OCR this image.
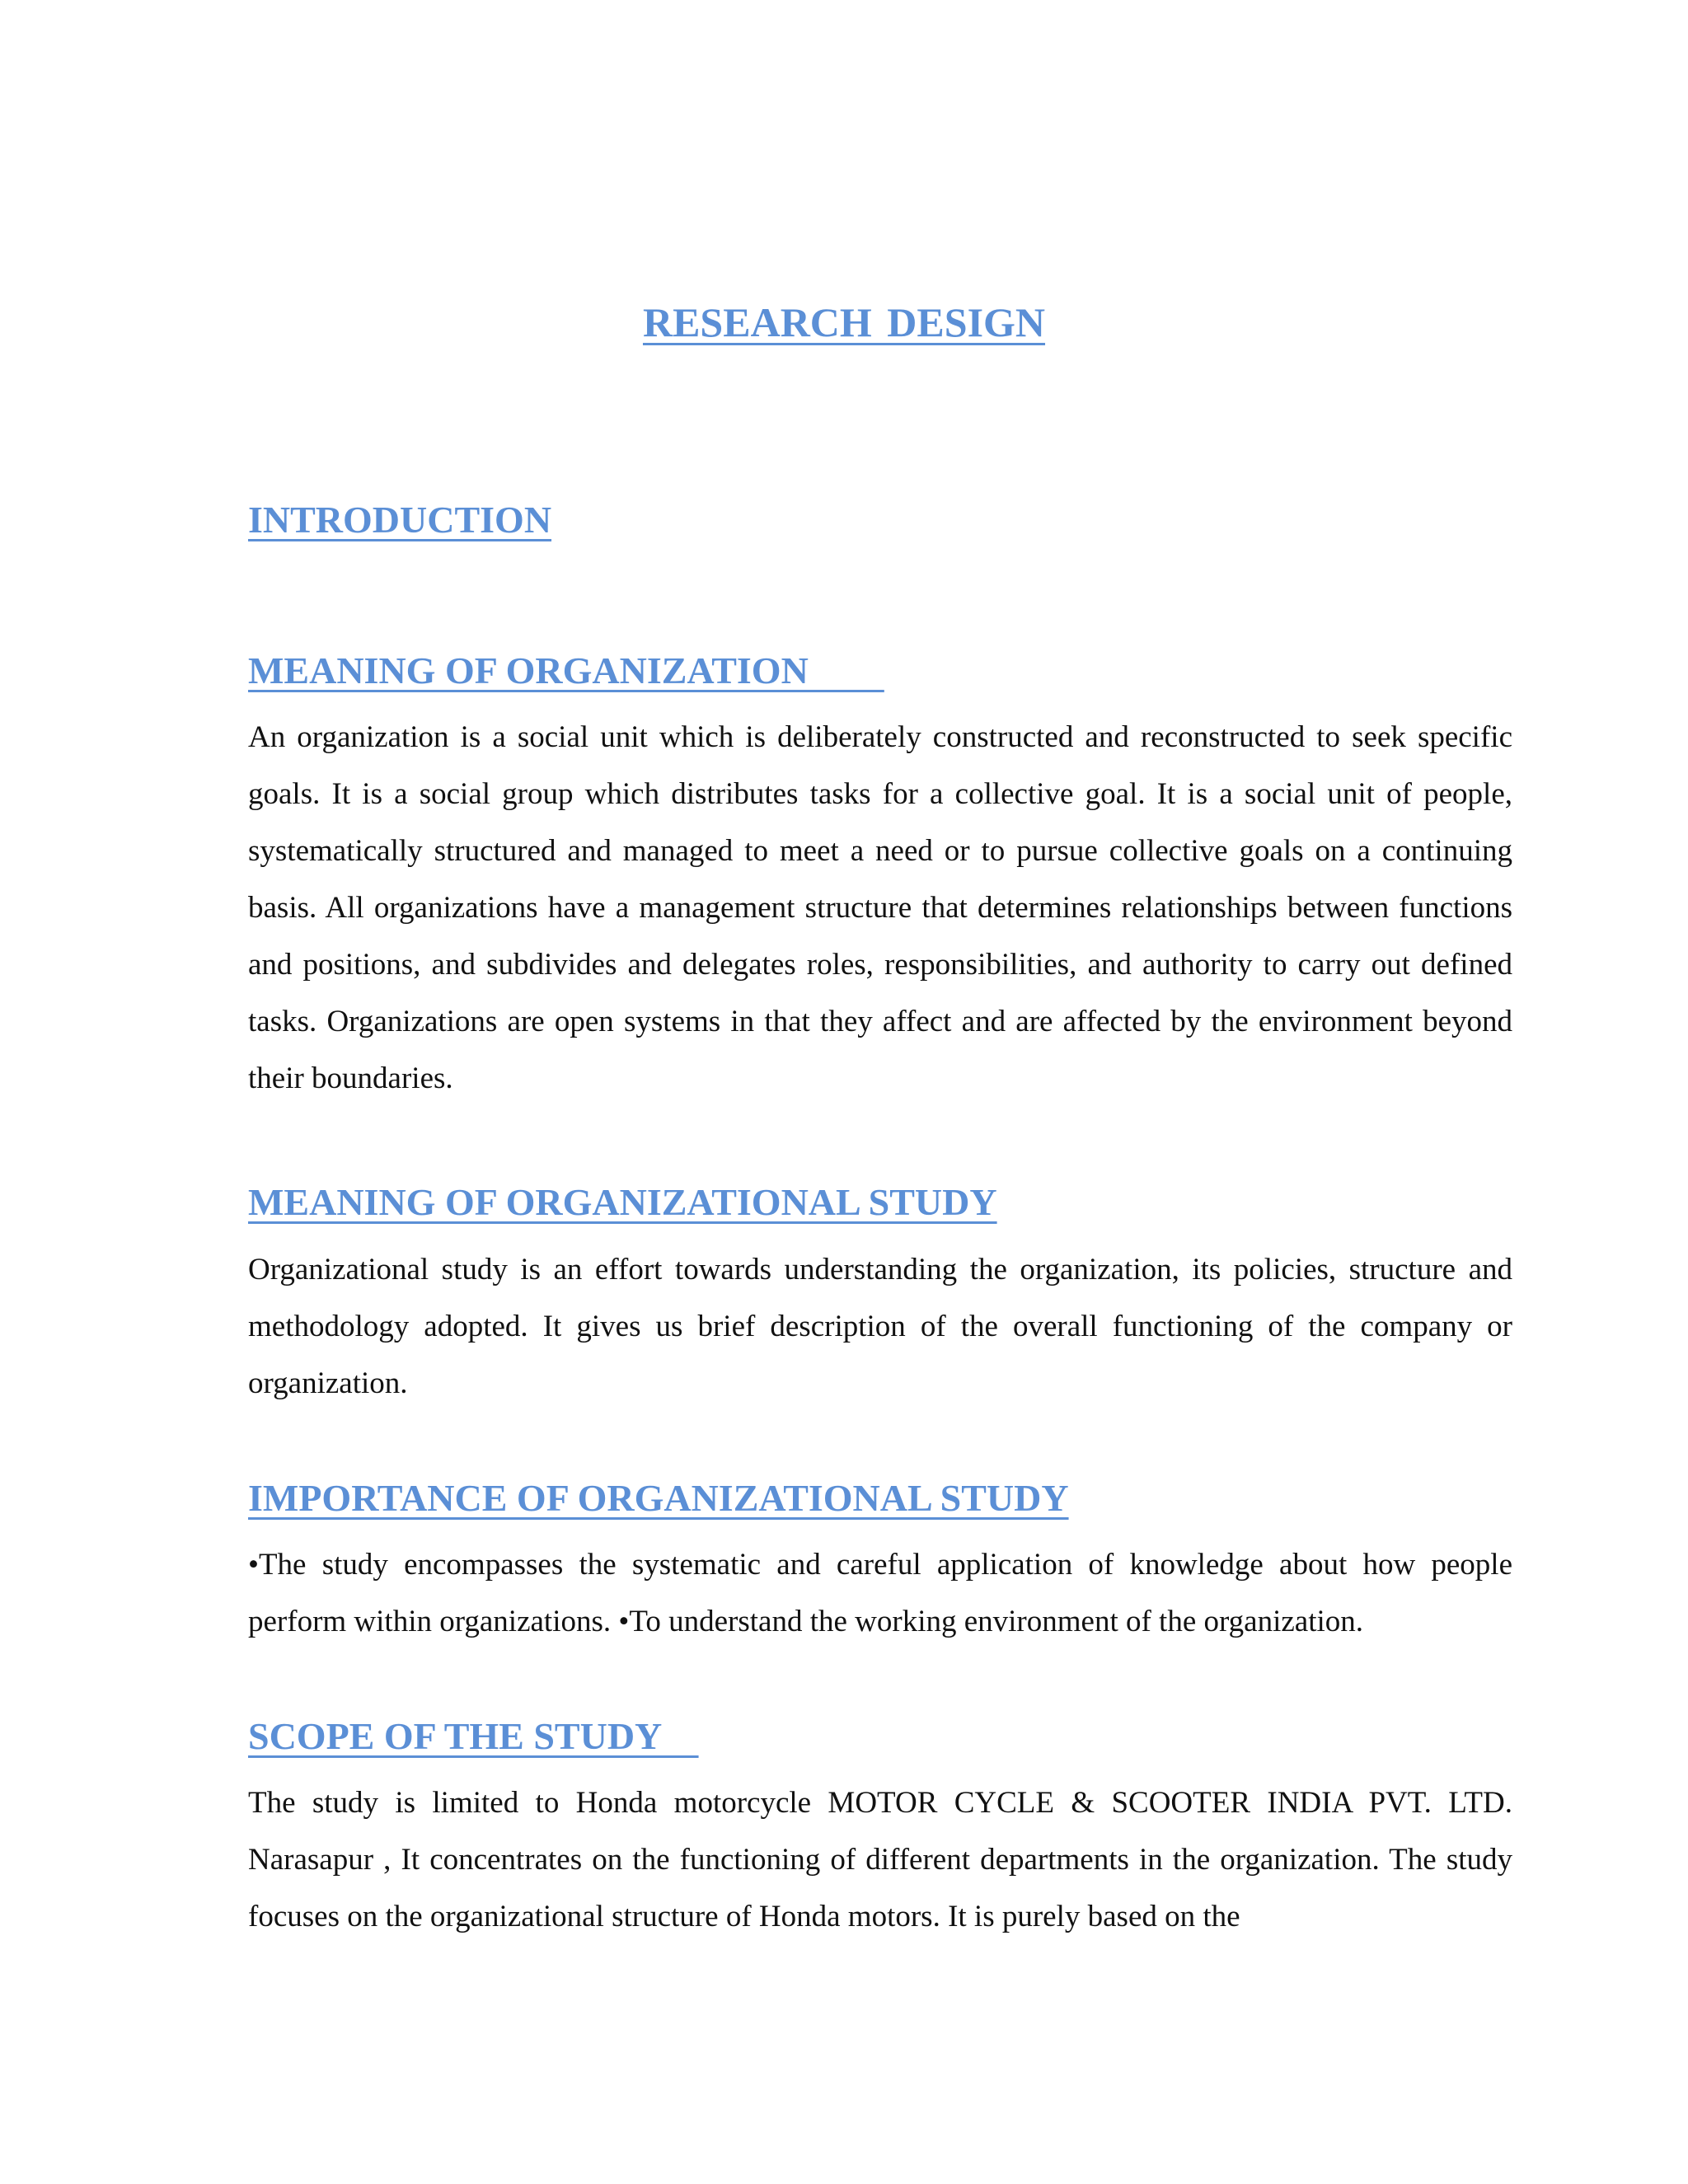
RESEARCH DESIGN
INTRODUCTION
MEANING OF ORGANIZATION

An organization is a social unit which is deliberately constructed and reconstructed to seek specific goals. It is a social group which distributes tasks for a collective goal. It is a social unit of people, systematically structured and managed to meet a need or to pursue collective goals on a continuing basis. All organizations have a management structure that determines relationships between functions and positions, and subdivides and delegates roles, responsibilities, and authority to carry out defined tasks. Organizations are open systems in that they affect and are affected by the environment beyond their boundaries.

MEANING OF ORGANIZATIONAL STUDY

Organizational study is an effort towards understanding the organization, its policies, structure and methodology adopted. It gives us brief description of the overall functioning of the company or organization.

IMPORTANCE OF ORGANIZATIONAL STUDY

•The study encompasses the systematic and careful application of knowledge about how people perform within organizations. •To understand the working environment of the organization.

SCOPE OF THE STUDY

The study is limited to Honda motorcycle MOTOR CYCLE & SCOOTER INDIA PVT. LTD. Narasapur , It concentrates on the functioning of different departments in the organization. The study focuses on the organizational structure of Honda motors. It is purely based on the
